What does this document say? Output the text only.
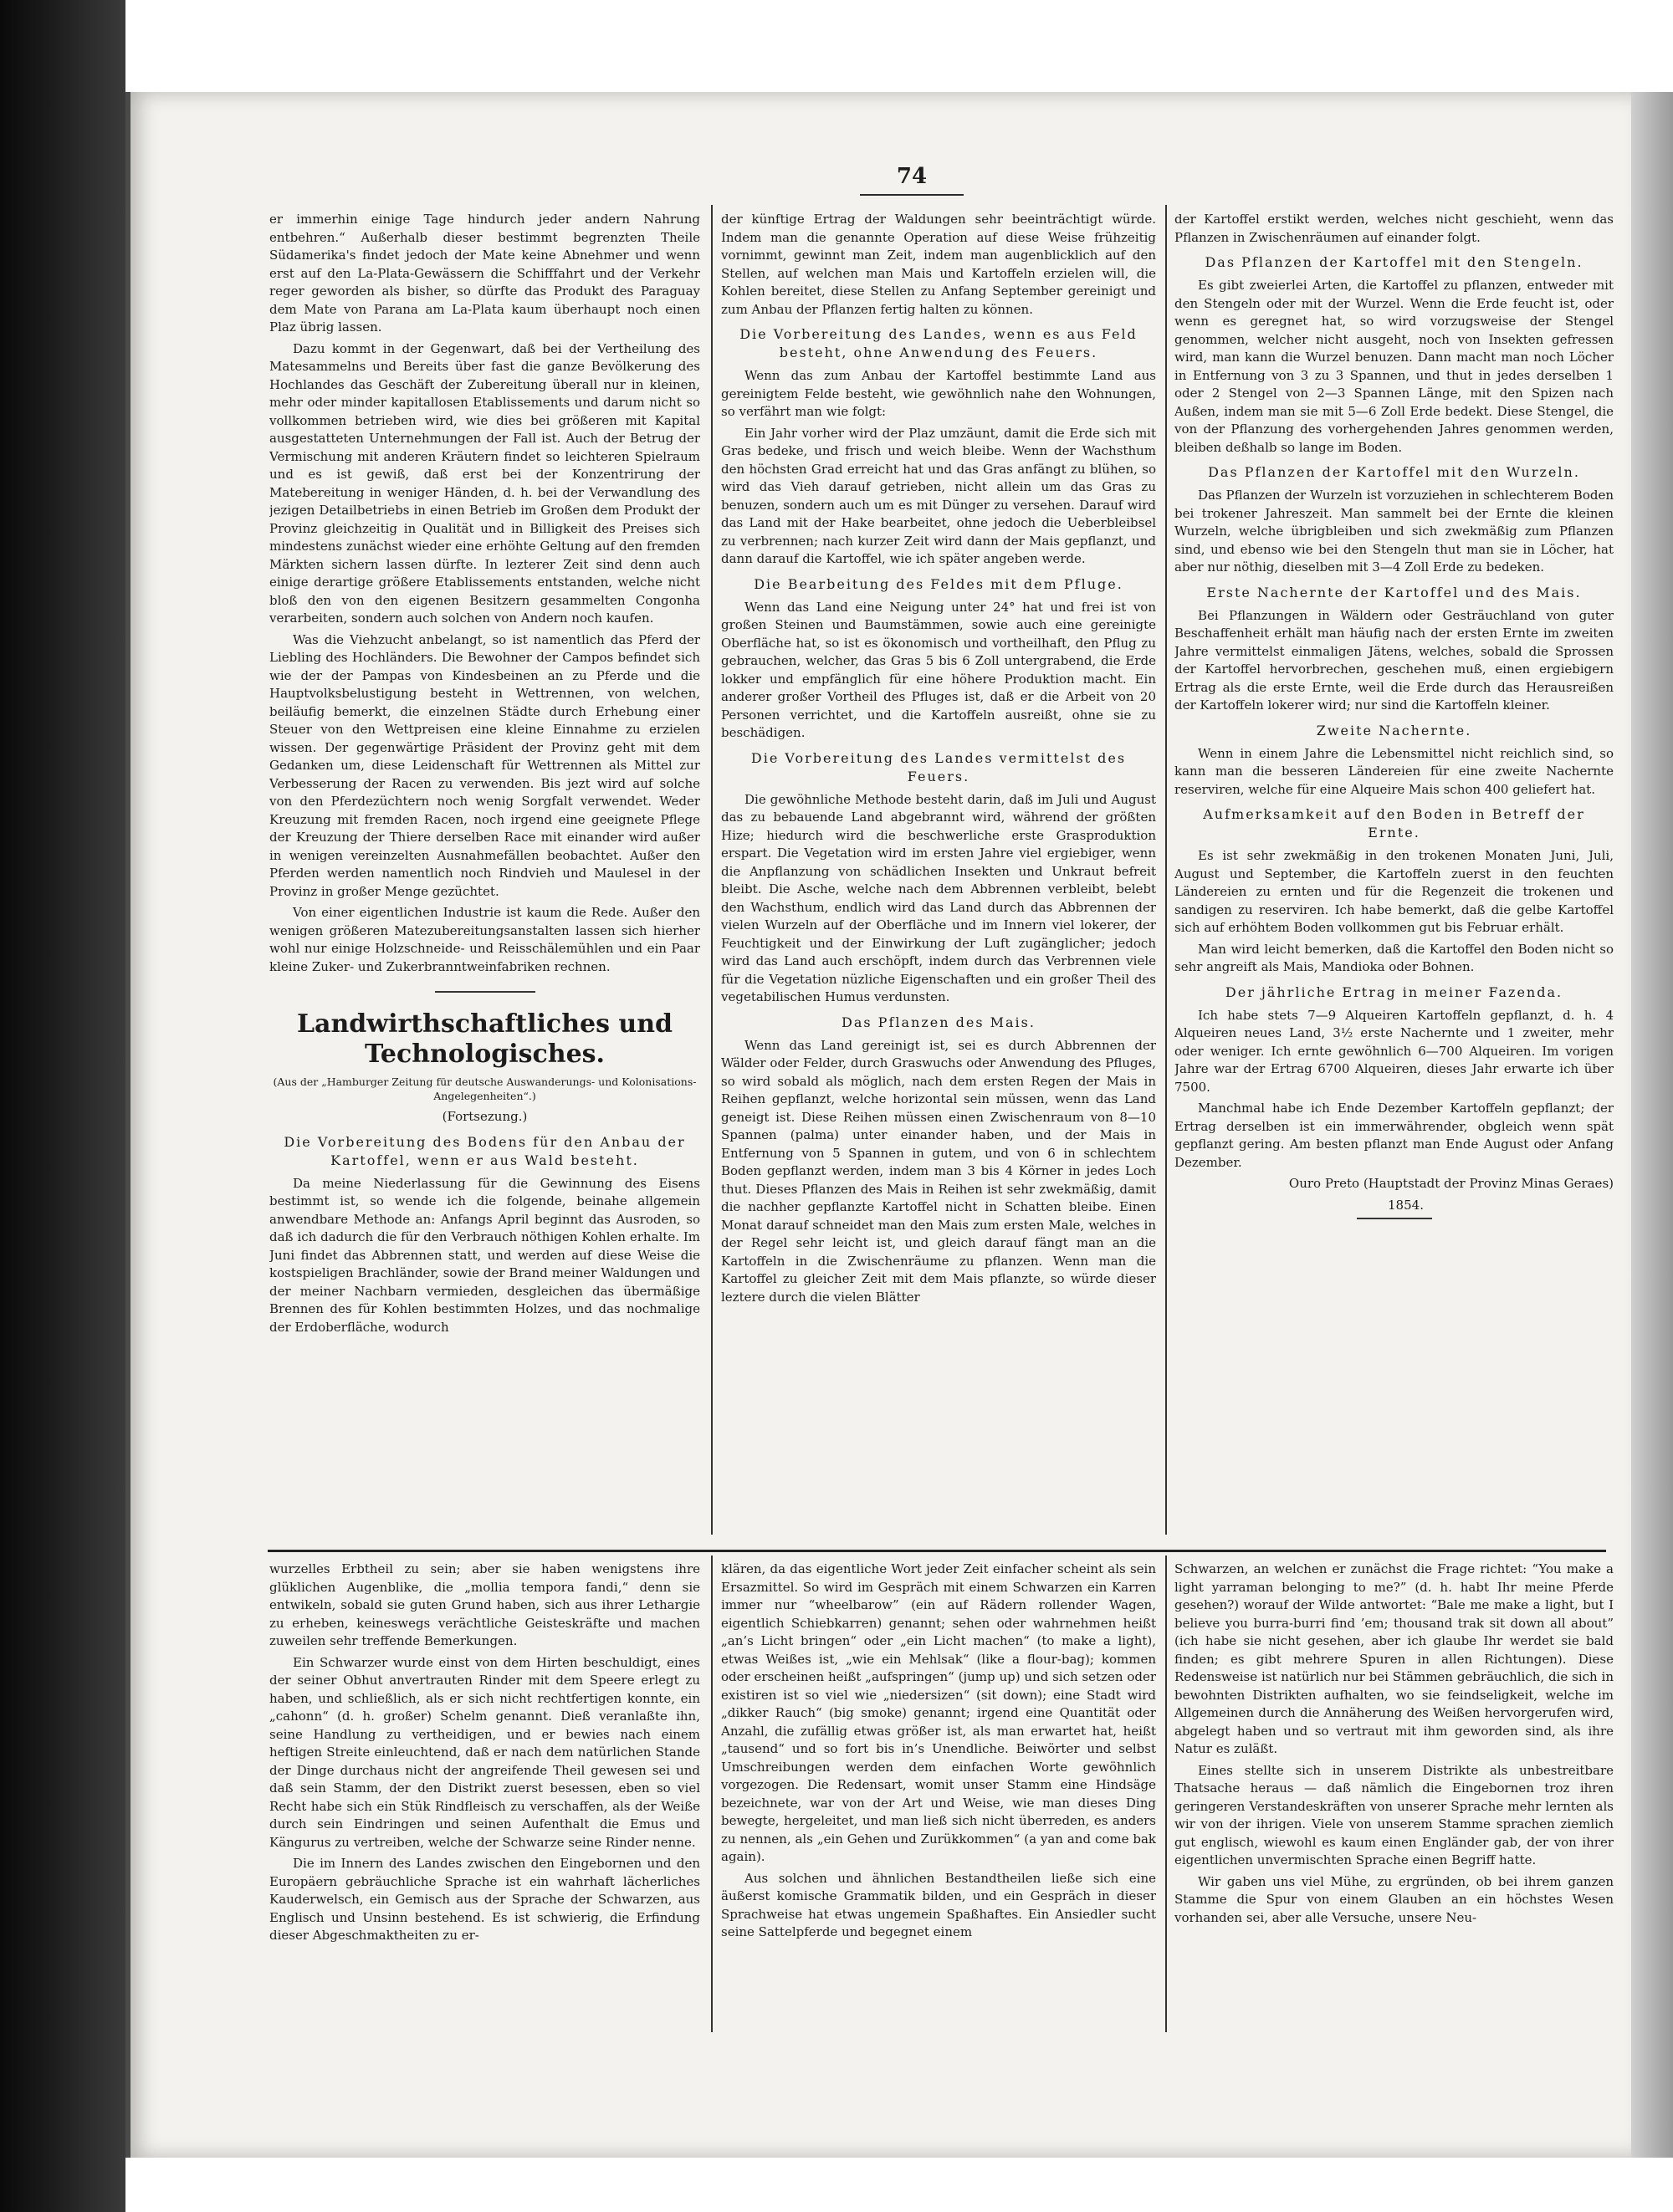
74

er immerhin einige Tage hindurch jeder andern Nahrung entbehren.“ Außerhalb dieser bestimmt begrenzten Theile Südamerika's findet jedoch der Mate keine Abnehmer und wenn erst auf den La-Plata-Gewässern die Schifffahrt und der Verkehr reger geworden als bisher, so dürfte das Produkt des Paraguay dem Mate von Parana am La-Plata kaum überhaupt noch einen Plaz übrig lassen.

Dazu kommt in der Gegenwart, daß bei der Vertheilung des Matesammelns und Bereits über fast die ganze Bevölkerung des Hochlandes das Geschäft der Zubereitung überall nur in kleinen, mehr oder minder kapitallosen Etablissements und darum nicht so vollkommen betrieben wird, wie dies bei größeren mit Kapital ausgestatteten Unternehmungen der Fall ist. Auch der Betrug der Vermischung mit anderen Kräutern findet so leichteren Spielraum und es ist gewiß, daß erst bei der Konzentrirung der Matebereitung in weniger Händen, d. h. bei der Verwandlung des jezigen Detailbetriebs in einen Betrieb im Großen dem Produkt der Provinz gleichzeitig in Qualität und in Billigkeit des Preises sich mindestens zunächst wieder eine erhöhte Geltung auf den fremden Märkten sichern lassen dürfte. In lezterer Zeit sind denn auch einige derartige größere Etablissements entstanden, welche nicht bloß den von den eigenen Besitzern gesammelten Congonha verarbeiten, sondern auch solchen von Andern noch kaufen.

Was die Viehzucht anbelangt, so ist namentlich das Pferd der Liebling des Hochländers. Die Bewohner der Campos befindet sich wie der der Pampas von Kindesbeinen an zu Pferde und die Hauptvolksbelustigung besteht in Wettrennen, von welchen, beiläufig bemerkt, die einzelnen Städte durch Erhebung einer Steuer von den Wettpreisen eine kleine Einnahme zu erzielen wissen. Der gegenwärtige Präsident der Provinz geht mit dem Gedanken um, diese Leidenschaft für Wettrennen als Mittel zur Verbesserung der Racen zu verwenden. Bis jezt wird auf solche von den Pferdezüchtern noch wenig Sorgfalt verwendet. Weder Kreuzung mit fremden Racen, noch irgend eine geeignete Pflege der Kreuzung der Thiere derselben Race mit einander wird außer in wenigen vereinzelten Ausnahmefällen beobachtet. Außer den Pferden werden namentlich noch Rindvieh und Maulesel in der Provinz in großer Menge gezüchtet.

Von einer eigentlichen Industrie ist kaum die Rede. Außer den wenigen größeren Matezubereitungsanstalten lassen sich hierher wohl nur einige Holzschneide- und Reisschälemühlen und ein Paar kleine Zuker- und Zukerbranntweinfabriken rechnen.

Landwirthschaftliches und Technologisches.
(Aus der „Hamburger Zeitung für deutsche Auswanderungs- und Kolonisations-Angelegenheiten“.)
(Fortsezung.)
Die Vorbereitung des Bodens für den Anbau der Kartoffel, wenn er aus Wald besteht.

Da meine Niederlassung für die Gewinnung des Eisens bestimmt ist, so wende ich die folgende, beinahe allgemein anwendbare Methode an: Anfangs April beginnt das Ausroden, so daß ich dadurch die für den Verbrauch nöthigen Kohlen erhalte. Im Juni findet das Abbrennen statt, und werden auf diese Weise die kostspieligen Brachländer, sowie der Brand meiner Waldungen und der meiner Nachbarn vermieden, desgleichen das übermäßige Brennen des für Kohlen bestimmten Holzes, und das nochmalige der Erdoberfläche, wodurch

der künftige Ertrag der Waldungen sehr beeinträchtigt würde. Indem man die genannte Operation auf diese Weise frühzeitig vornimmt, gewinnt man Zeit, indem man augenblicklich auf den Stellen, auf welchen man Mais und Kartoffeln erzielen will, die Kohlen bereitet, diese Stellen zu Anfang September gereinigt und zum Anbau der Pflanzen fertig halten zu können.

Die Vorbereitung des Landes, wenn es aus Feld besteht, ohne Anwendung des Feuers.

Wenn das zum Anbau der Kartoffel bestimmte Land aus gereinigtem Felde besteht, wie gewöhnlich nahe den Wohnungen, so verfährt man wie folgt:

Ein Jahr vorher wird der Plaz umzäunt, damit die Erde sich mit Gras bedeke, und frisch und weich bleibe. Wenn der Wachsthum den höchsten Grad erreicht hat und das Gras anfängt zu blühen, so wird das Vieh darauf getrieben, nicht allein um das Gras zu benuzen, sondern auch um es mit Dünger zu versehen. Darauf wird das Land mit der Hake bearbeitet, ohne jedoch die Ueberbleibsel zu verbrennen; nach kurzer Zeit wird dann der Mais gepflanzt, und dann darauf die Kartoffel, wie ich später angeben werde.

Die Bearbeitung des Feldes mit dem Pfluge.

Wenn das Land eine Neigung unter 24° hat und frei ist von großen Steinen und Baumstämmen, sowie auch eine gereinigte Oberfläche hat, so ist es ökonomisch und vortheilhaft, den Pflug zu gebrauchen, welcher, das Gras 5 bis 6 Zoll untergrabend, die Erde lokker und empfänglich für eine höhere Produktion macht. Ein anderer großer Vortheil des Pfluges ist, daß er die Arbeit von 20 Personen verrichtet, und die Kartoffeln ausreißt, ohne sie zu beschädigen.

Die Vorbereitung des Landes vermittelst des Feuers.

Die gewöhnliche Methode besteht darin, daß im Juli und August das zu bebauende Land abgebrannt wird, während der größten Hize; hiedurch wird die beschwerliche erste Grasproduktion erspart. Die Vegetation wird im ersten Jahre viel ergiebiger, wenn die Anpflanzung von schädlichen Insekten und Unkraut befreit bleibt. Die Asche, welche nach dem Abbrennen verbleibt, belebt den Wachsthum, endlich wird das Land durch das Abbrennen der vielen Wurzeln auf der Oberfläche und im Innern viel lokerer, der Feuchtigkeit und der Einwirkung der Luft zugänglicher; jedoch wird das Land auch erschöpft, indem durch das Verbrennen viele für die Vegetation nüzliche Eigenschaften und ein großer Theil des vegetabilischen Humus verdunsten.

Das Pflanzen des Mais.

Wenn das Land gereinigt ist, sei es durch Abbrennen der Wälder oder Felder, durch Graswuchs oder Anwendung des Pfluges, so wird sobald als möglich, nach dem ersten Regen der Mais in Reihen gepflanzt, welche horizontal sein müssen, wenn das Land geneigt ist. Diese Reihen müssen einen Zwischenraum von 8—10 Spannen (palma) unter einander haben, und der Mais in Entfernung von 5 Spannen in gutem, und von 6 in schlechtem Boden gepflanzt werden, indem man 3 bis 4 Körner in jedes Loch thut. Dieses Pflanzen des Mais in Reihen ist sehr zwekmäßig, damit die nachher gepflanzte Kartoffel nicht in Schatten bleibe. Einen Monat darauf schneidet man den Mais zum ersten Male, welches in der Regel sehr leicht ist, und gleich darauf fängt man an die Kartoffeln in die Zwischenräume zu pflanzen. Wenn man die Kartoffel zu gleicher Zeit mit dem Mais pflanzte, so würde dieser leztere durch die vielen Blätter

der Kartoffel erstikt werden, welches nicht geschieht, wenn das Pflanzen in Zwischenräumen auf einander folgt.

Das Pflanzen der Kartoffel mit den Stengeln.

Es gibt zweierlei Arten, die Kartoffel zu pflanzen, entweder mit den Stengeln oder mit der Wurzel. Wenn die Erde feucht ist, oder wenn es geregnet hat, so wird vorzugsweise der Stengel genommen, welcher nicht ausgeht, noch von Insekten gefressen wird, man kann die Wurzel benuzen. Dann macht man noch Löcher in Entfernung von 3 zu 3 Spannen, und thut in jedes derselben 1 oder 2 Stengel von 2—3 Spannen Länge, mit den Spizen nach Außen, indem man sie mit 5—6 Zoll Erde bedekt. Diese Stengel, die von der Pflanzung des vorhergehenden Jahres genommen werden, bleiben deßhalb so lange im Boden.

Das Pflanzen der Kartoffel mit den Wurzeln.

Das Pflanzen der Wurzeln ist vorzuziehen in schlechterem Boden bei trokener Jahreszeit. Man sammelt bei der Ernte die kleinen Wurzeln, welche übrigbleiben und sich zwekmäßig zum Pflanzen sind, und ebenso wie bei den Stengeln thut man sie in Löcher, hat aber nur nöthig, dieselben mit 3—4 Zoll Erde zu bedeken.

Erste Nachernte der Kartoffel und des Mais.

Bei Pflanzungen in Wäldern oder Gesträuchland von guter Beschaffenheit erhält man häufig nach der ersten Ernte im zweiten Jahre vermittelst einmaligen Jätens, welches, sobald die Sprossen der Kartoffel hervorbrechen, geschehen muß, einen ergiebigern Ertrag als die erste Ernte, weil die Erde durch das Herausreißen der Kartoffeln lokerer wird; nur sind die Kartoffeln kleiner.

Zweite Nachernte.

Wenn in einem Jahre die Lebensmittel nicht reichlich sind, so kann man die besseren Ländereien für eine zweite Nachernte reserviren, welche für eine Alqueire Mais schon 400 geliefert hat.

Aufmerksamkeit auf den Boden in Betreff der Ernte.

Es ist sehr zwekmäßig in den trokenen Monaten Juni, Juli, August und September, die Kartoffeln zuerst in den feuchten Ländereien zu ernten und für die Regenzeit die trokenen und sandigen zu reserviren. Ich habe bemerkt, daß die gelbe Kartoffel sich auf erhöhtem Boden vollkommen gut bis Februar erhält.

Man wird leicht bemerken, daß die Kartoffel den Boden nicht so sehr angreift als Mais, Mandioka oder Bohnen.

Der jährliche Ertrag in meiner Fazenda.

Ich habe stets 7—9 Alqueiren Kartoffeln gepflanzt, d. h. 4 Alqueiren neues Land, 3½ erste Nachernte und 1 zweiter, mehr oder weniger. Ich ernte gewöhnlich 6—700 Alqueiren. Im vorigen Jahre war der Ertrag 6700 Alqueiren, dieses Jahr erwarte ich über 7500.

Manchmal habe ich Ende Dezember Kartoffeln gepflanzt; der Ertrag derselben ist ein immerwährender, obgleich wenn spät gepflanzt gering. Am besten pflanzt man Ende August oder Anfang Dezember.

Ouro Preto (Hauptstadt der Provinz Minas Geraes)

1854.

wurzelles Erbtheil zu sein; aber sie haben wenigstens ihre glüklichen Augenblike, die „mollia tempora fandi,“ denn sie entwikeln, sobald sie guten Grund haben, sich aus ihrer Lethargie zu erheben, keineswegs verächtliche Geisteskräfte und machen zuweilen sehr treffende Bemerkungen.

Ein Schwarzer wurde einst von dem Hirten beschuldigt, eines der seiner Obhut anvertrauten Rinder mit dem Speere erlegt zu haben, und schließlich, als er sich nicht rechtfertigen konnte, ein „cahonn“ (d. h. großer) Schelm genannt. Dieß veranlaßte ihn, seine Handlung zu vertheidigen, und er bewies nach einem heftigen Streite einleuchtend, daß er nach dem natürlichen Stande der Dinge durchaus nicht der angreifende Theil gewesen sei und daß sein Stamm, der den Distrikt zuerst besessen, eben so viel Recht habe sich ein Stük Rindfleisch zu verschaffen, als der Weiße durch sein Eindringen und seinen Aufenthalt die Emus und Kängurus zu vertreiben, welche der Schwarze seine Rinder nenne.

Die im Innern des Landes zwischen den Eingebornen und den Europäern gebräuchliche Sprache ist ein wahrhaft lächerliches Kauderwelsch, ein Gemisch aus der Sprache der Schwarzen, aus Englisch und Unsinn bestehend. Es ist schwierig, die Erfindung dieser Abgeschmaktheiten zu er-

klären, da das eigentliche Wort jeder Zeit einfacher scheint als sein Ersazmittel. So wird im Gespräch mit einem Schwarzen ein Karren immer nur “wheelbarow” (ein auf Rädern rollender Wagen, eigentlich Schiebkarren) genannt; sehen oder wahrnehmen heißt „an’s Licht bringen“ oder „ein Licht machen“ (to make a light), etwas Weißes ist, „wie ein Mehlsak“ (like a flour-bag); kommen oder erscheinen heißt „aufspringen“ (jump up) und sich setzen oder existiren ist so viel wie „niedersizen“ (sit down); eine Stadt wird „dikker Rauch“ (big smoke) genannt; irgend eine Quantität oder Anzahl, die zufällig etwas größer ist, als man erwartet hat, heißt „tausend“ und so fort bis in’s Unendliche. Beiwörter und selbst Umschreibungen werden dem einfachen Worte gewöhnlich vorgezogen. Die Redensart, womit unser Stamm eine Hindsäge bezeichnete, war von der Art und Weise, wie man dieses Ding bewegte, hergeleitet, und man ließ sich nicht überreden, es anders zu nennen, als „ein Gehen und Zurükkommen“ (a yan and come bak again).

Aus solchen und ähnlichen Bestandtheilen ließe sich eine äußerst komische Grammatik bilden, und ein Gespräch in dieser Sprachweise hat etwas ungemein Spaßhaftes. Ein Ansiedler sucht seine Sattelpferde und begegnet einem

Schwarzen, an welchen er zunächst die Frage richtet: “You make a light yarraman belonging to me?” (d. h. habt Ihr meine Pferde gesehen?) worauf der Wilde antwortet: “Bale me make a light, but I believe you burra-burri find ’em; thousand trak sit down all about” (ich habe sie nicht gesehen, aber ich glaube Ihr werdet sie bald finden; es gibt mehrere Spuren in allen Richtungen). Diese Redensweise ist natürlich nur bei Stämmen gebräuchlich, die sich in bewohnten Distrikten aufhalten, wo sie feindseligkeit, welche im Allgemeinen durch die Annäherung des Weißen hervorgerufen wird, abgelegt haben und so vertraut mit ihm geworden sind, als ihre Natur es zuläßt.

Eines stellte sich in unserem Distrikte als unbestreitbare Thatsache heraus — daß nämlich die Eingebornen troz ihren geringeren Verstandeskräften von unserer Sprache mehr lernten als wir von der ihrigen. Viele von unserem Stamme sprachen ziemlich gut englisch, wiewohl es kaum einen Engländer gab, der von ihrer eigentlichen unvermischten Sprache einen Begriff hatte.

Wir gaben uns viel Mühe, zu ergründen, ob bei ihrem ganzen Stamme die Spur von einem Glauben an ein höchstes Wesen vorhanden sei, aber alle Versuche, unsere Neu-
